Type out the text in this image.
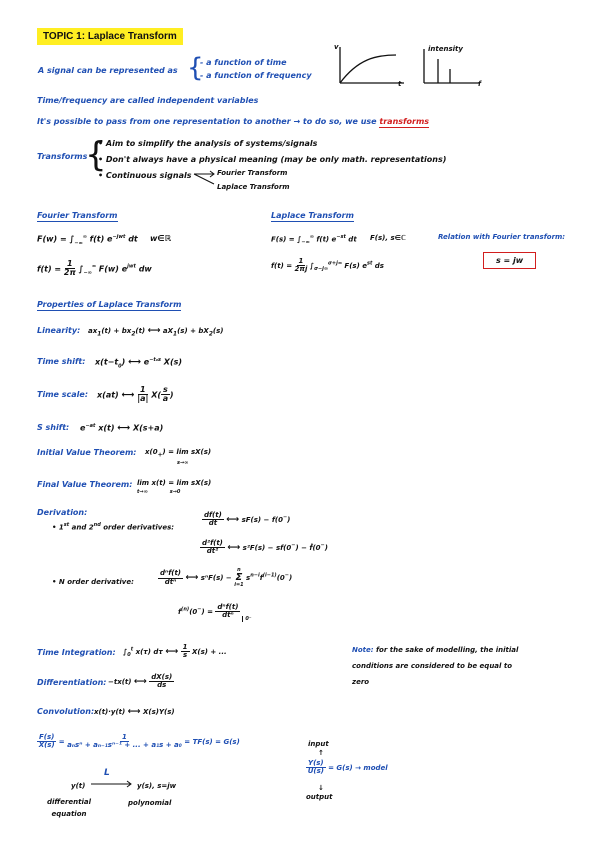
TOPIC 1: Laplace Transform
A signal can be represented as {
- a function of time
- a function of frequency
v
t
intensity
f
Time/frequency are called independent variables
It's possible to pass from one representation to another → to do so, we use transforms
Transforms
{
• Aim to simplify the analysis of systems/signals
• Don't always have a physical meaning (may be only math. representations)
• Continuous signals	Fourier Transform
Laplace Transform
Fourier Transform
$F(w) = \int_{-\infty}^\infty$ f(t) $e^{-jwt}$ dt w∈ℝ
$f(t) = \frac{1}{2\pi} \int_{-\infty}^\infty$ F(w) $e^{jwt}$ dw
Laplace Transform
$F(s) = \int_{-\infty}^\infty$ f(t) $e^{-st}$ dt F(s), s∈ℂ
$f(t) = \frac{1}{2\pi j} \int_{\sigma-j\infty}^{\sigma+j\infty}$ F(s) $e^{st}$ ds
Relation with Fourier transform:
s = jw
Properties of Laplace Transform
Linearity: $ax_1(t) + bx_2(t)$ ⟷ $aX_1(s) + bX_2(s)$
Time shift: $x(t-t_0)$ ⟷ $e^{-t_0s}$ X(s)
Time scale: x(at) ⟷ $\frac{1}{|a|} X( \frac{s}{a}$ )
S shift: $e^{-at}$ x(t) ⟷ X(s+a)
Initial Value Theorem: $x(0_+) = \lim sX(s)$
s→∞
Final Value Theorem: lim x(t) = lim sX(s)
t→∞	s→0
Derivation:
• 1st and 2nd order derivatives:	$\frac{df(t)}{dt}$ ⟷ sF(s) − f(0−)
$\frac{\text{d²f(t)}}{\text{dt²}}$ ⟷ s²F(s) − sf(0−) − ḟ(0−)
• N order derivative:	$\frac{\text{dⁿf(t)}}{\text{dtⁿ}}$ ⟷ sⁿF(s) −
n
Σ
i=1
$s^{n-i}f^{(i-1)}(0^-)$
$f^{(n)}(0^-) = \frac{\text{dⁿf(t)}}{\text{dtⁿ}} _{0^-}$
Time Integration: $\int_0^t$ x(τ) dτ ⟷ $\frac{1}{s} X(s)$ + ...
Differentiation: −tx(t) ⟷ $\frac{dX(s)}{ds}$
Convolution: x(t)·y(t) ⟷ X(s)Y(s)
Note: for the sake of modelling, the initial conditions are considered to be equal to zero
$\frac{F(s)}{X(s)} = \frac{1}{\text{aₙsⁿ + aₙ₋₁sⁿ⁻¹ + ... + a₁s + a₀}} = TF(s) = G(s)$	input
↑
$\frac{Y(s)}{U(s)} = G(s)$ → model
↓
output
y(t)
L
y(s), s=jw
differential equation
polynomial
